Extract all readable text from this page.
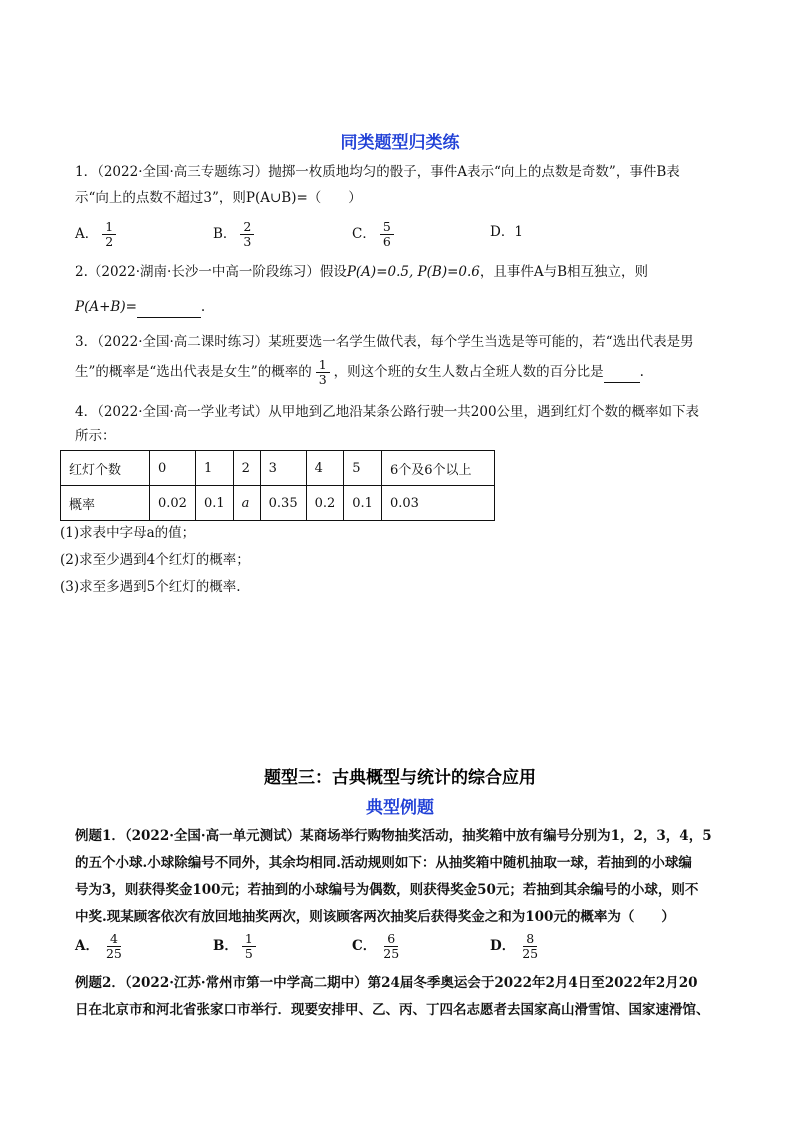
同类题型归类练
1．（2022·全国·高三专题练习）抛掷一枚质地均匀的骰子，事件A表示“向上的点数是奇数”，事件B表
示“向上的点数不超过3”，则P(A∪B)=（　　）
A． $\frac{1}{2}$	B． $\frac{2}{3}$	C． $\frac{5}{6}$	D．1
2.（2022·湖南·长沙一中高一阶段练习）假设P(A)=0.5, P(B)=0.6，且事件A与B相互独立，则
P(A+B)=	.
3．（2022·全国·高二课时练习）某班要选一名学生做代表，每个学生当选是等可能的，若“选出代表是男
生”的概率是“选出代表是女生”的概率的 $\frac{1}{3}$ ，则这个班的女生人数占全班人数的百分比是	.
4．（2022·全国·高一学业考试）从甲地到乙地沿某条公路行驶一共200公里，遇到红灯个数的概率如下表
所示：
红灯个数	0	1	2	3	4	5	6个及6个以上
概率	0.02	0.1	a	0.35	0.2	0.1	0.03
(1)求表中字母a的值；
(2)求至少遇到4个红灯的概率；
(3)求至多遇到5个红灯的概率.
题型三：古典概型与统计的综合应用
典型例题
例题1．（2022·全国·高一单元测试）某商场举行购物抽奖活动，抽奖箱中放有编号分别为1，2，3，4，5
的五个小球.小球除编号不同外，其余均相同.活动规则如下：从抽奖箱中随机抽取一球，若抽到的小球编
号为3，则获得奖金100元；若抽到的小球编号为偶数，则获得奖金50元；若抽到其余编号的小球，则不
中奖.现某顾客依次有放回地抽奖两次，则该顾客两次抽奖后获得奖金之和为100元的概率为（　　）
A． $\frac{4}{25}$	B． $\frac{1}{5}$	C． $\frac{6}{25}$	D． $\frac{8}{25}$
例题2．（2022·江苏·常州市第一中学高二期中）第24届冬季奥运会于2022年2月4日至2022年2月20
日在北京市和河北省张家口市举行．现要安排甲、乙、丙、丁四名志愿者去国家高山滑雪馆、国家速滑馆、
